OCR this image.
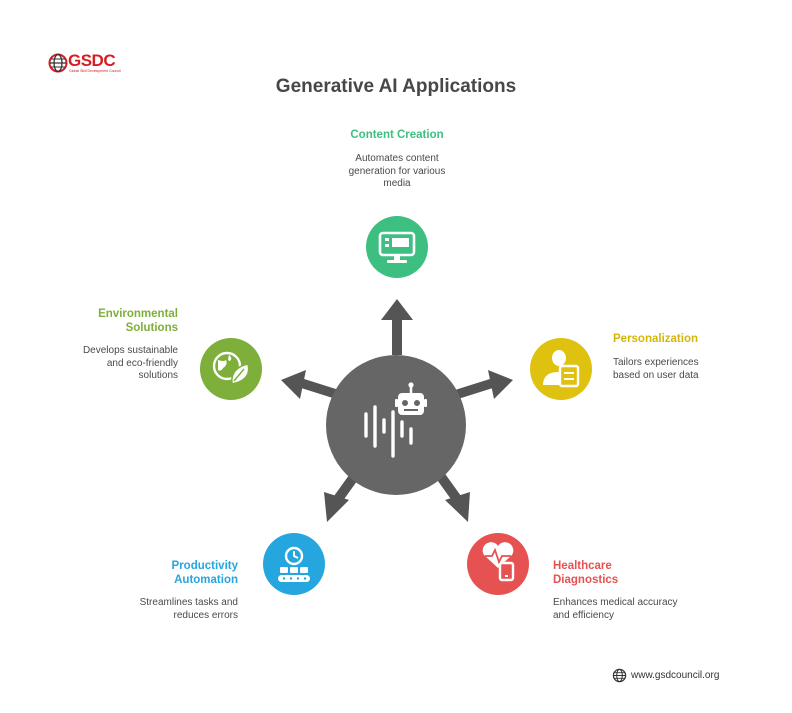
GSDC
Global Skill Development Council
Generative AI Applications
Content Creation
Automates content generation for various media
Personalization
Tailors experiences based on user data
Healthcare Diagnostics
Enhances medical accuracy and efficiency
Productivity Automation
Streamlines tasks and reduces errors
Environmental Solutions
Develops sustainable and eco-friendly solutions
www.gsdcouncil.org
